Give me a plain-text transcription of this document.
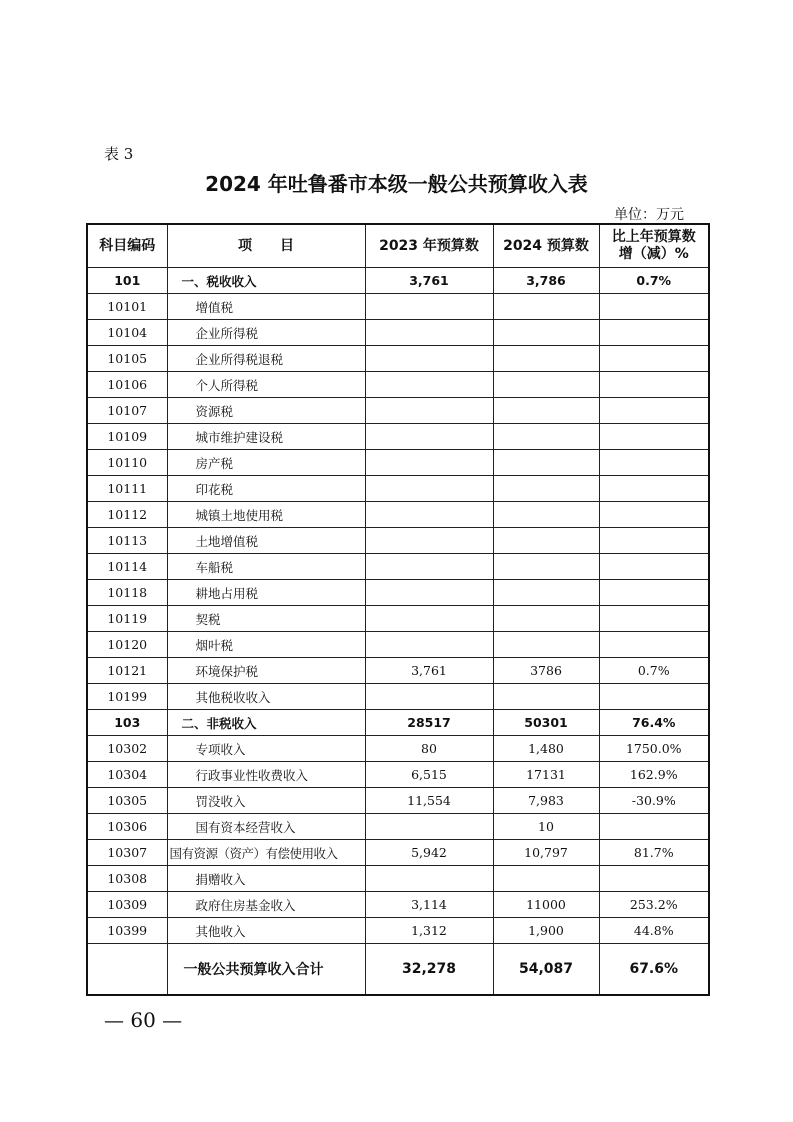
表 3
2024 年吐鲁番市本级一般公共预算收入表
单位：万元
科目编码	项　　目	2023 年预算数	2024 预算数	比上年预算数
增（减）%

101	一、税收收入	3,761	3,786	0.7%
10101	增值税			
10104	企业所得税			
10105	企业所得税退税			
10106	个人所得税			
10107	资源税			
10109	城市维护建设税			
10110	房产税			
10111	印花税			
10112	城镇土地使用税			
10113	土地增值税			
10114	车船税			
10118	耕地占用税			
10119	契税			
10120	烟叶税			
10121	环境保护税	3,761	3786	0.7%
10199	其他税收收入			
103	二、非税收入	28517	50301	76.4%
10302	专项收入	80	1,480	1750.0%
10304	行政事业性收费收入	6,515	17131	162.9%
10305	罚没收入	11,554	7,983	-30.9%
10306	国有资本经营收入		10	
10307	国有资源（资产）有偿使用收入	5,942	10,797	81.7%
10308	捐赠收入			
10309	政府住房基金收入	3,114	11000	253.2%
10399	其他收入	1,312	1,900	44.8%
	一般公共预算收入合计	32,278	54,087	67.6%
— 60 —
